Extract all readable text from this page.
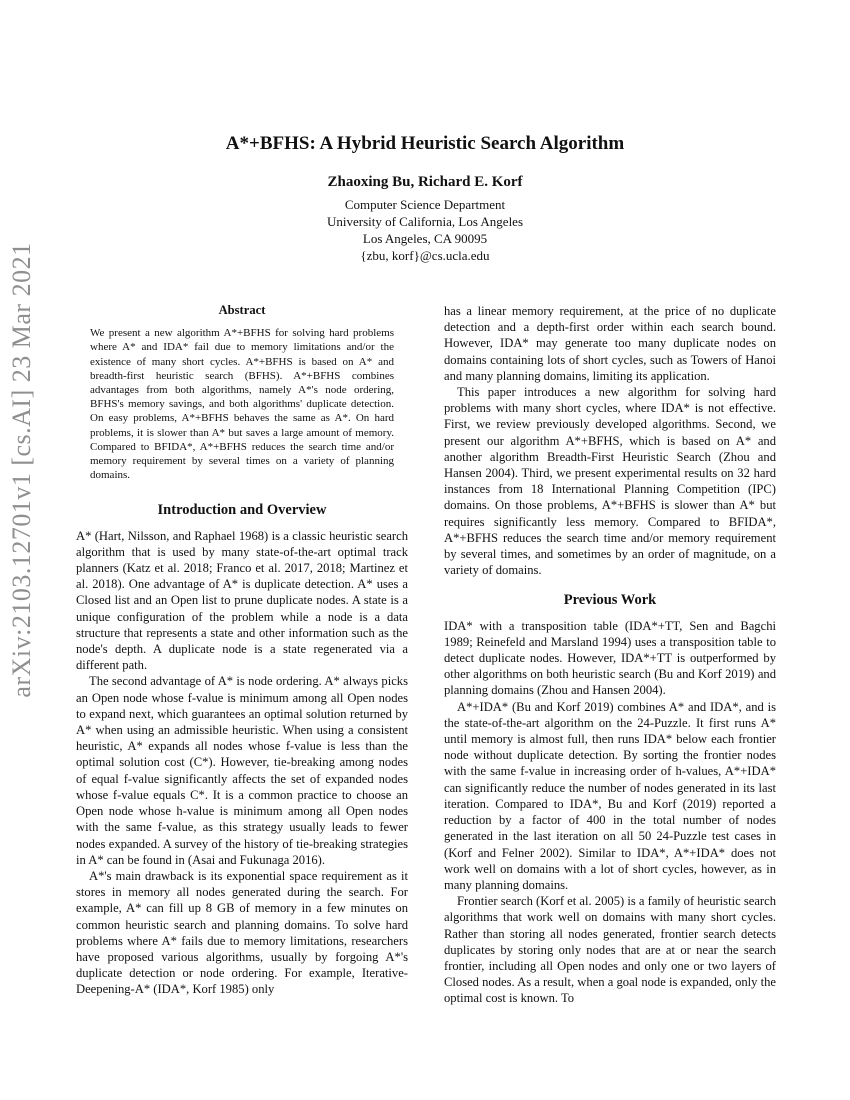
arXiv:2103.12701v1 [cs.AI] 23 Mar 2021
A*+BFHS: A Hybrid Heuristic Search Algorithm
Zhaoxing Bu, Richard E. Korf
Computer Science Department
University of California, Los Angeles
Los Angeles, CA 90095
{zbu, korf}@cs.ucla.edu
Abstract
We present a new algorithm A*+BFHS for solving hard problems where A* and IDA* fail due to memory limitations and/or the existence of many short cycles. A*+BFHS is based on A* and breadth-first heuristic search (BFHS). A*+BFHS combines advantages from both algorithms, namely A*'s node ordering, BFHS's memory savings, and both algorithms' duplicate detection. On easy problems, A*+BFHS behaves the same as A*. On hard problems, it is slower than A* but saves a large amount of memory. Compared to BFIDA*, A*+BFHS reduces the search time and/or memory requirement by several times on a variety of planning domains.
Introduction and Overview

A* (Hart, Nilsson, and Raphael 1968) is a classic heuristic search algorithm that is used by many state-of-the-art optimal track planners (Katz et al. 2018; Franco et al. 2017, 2018; Martinez et al. 2018). One advantage of A* is duplicate detection. A* uses a Closed list and an Open list to prune duplicate nodes. A state is a unique configuration of the problem while a node is a data structure that represents a state and other information such as the node's depth. A duplicate node is a state regenerated via a different path.

The second advantage of A* is node ordering. A* always picks an Open node whose f-value is minimum among all Open nodes to expand next, which guarantees an optimal solution returned by A* when using an admissible heuristic. When using a consistent heuristic, A* expands all nodes whose f-value is less than the optimal solution cost (C*). However, tie-breaking among nodes of equal f-value significantly affects the set of expanded nodes whose f-value equals C*. It is a common practice to choose an Open node whose h-value is minimum among all Open nodes with the same f-value, as this strategy usually leads to fewer nodes expanded. A survey of the history of tie-breaking strategies in A* can be found in (Asai and Fukunaga 2016).

A*'s main drawback is its exponential space requirement as it stores in memory all nodes generated during the search. For example, A* can fill up 8 GB of memory in a few minutes on common heuristic search and planning domains. To solve hard problems where A* fails due to memory limitations, researchers have proposed various algorithms, usually by forgoing A*'s duplicate detection or node ordering. For example, Iterative-Deepening-A* (IDA*, Korf 1985) only

has a linear memory requirement, at the price of no duplicate detection and a depth-first order within each search bound. However, IDA* may generate too many duplicate nodes on domains containing lots of short cycles, such as Towers of Hanoi and many planning domains, limiting its application.

This paper introduces a new algorithm for solving hard problems with many short cycles, where IDA* is not effective. First, we review previously developed algorithms. Second, we present our algorithm A*+BFHS, which is based on A* and another algorithm Breadth-First Heuristic Search (Zhou and Hansen 2004). Third, we present experimental results on 32 hard instances from 18 International Planning Competition (IPC) domains. On those problems, A*+BFHS is slower than A* but requires significantly less memory. Compared to BFIDA*, A*+BFHS reduces the search time and/or memory requirement by several times, and sometimes by an order of magnitude, on a variety of domains.

Previous Work

IDA* with a transposition table (IDA*+TT, Sen and Bagchi 1989; Reinefeld and Marsland 1994) uses a transposition table to detect duplicate nodes. However, IDA*+TT is outperformed by other algorithms on both heuristic search (Bu and Korf 2019) and planning domains (Zhou and Hansen 2004).

A*+IDA* (Bu and Korf 2019) combines A* and IDA*, and is the state-of-the-art algorithm on the 24-Puzzle. It first runs A* until memory is almost full, then runs IDA* below each frontier node without duplicate detection. By sorting the frontier nodes with the same f-value in increasing order of h-values, A*+IDA* can significantly reduce the number of nodes generated in its last iteration. Compared to IDA*, Bu and Korf (2019) reported a reduction by a factor of 400 in the total number of nodes generated in the last iteration on all 50 24-Puzzle test cases in (Korf and Felner 2002). Similar to IDA*, A*+IDA* does not work well on domains with a lot of short cycles, however, as in many planning domains.

Frontier search (Korf et al. 2005) is a family of heuristic search algorithms that work well on domains with many short cycles. Rather than storing all nodes generated, frontier search detects duplicates by storing only nodes that are at or near the search frontier, including all Open nodes and only one or two layers of Closed nodes. As a result, when a goal node is expanded, only the optimal cost is known. To
